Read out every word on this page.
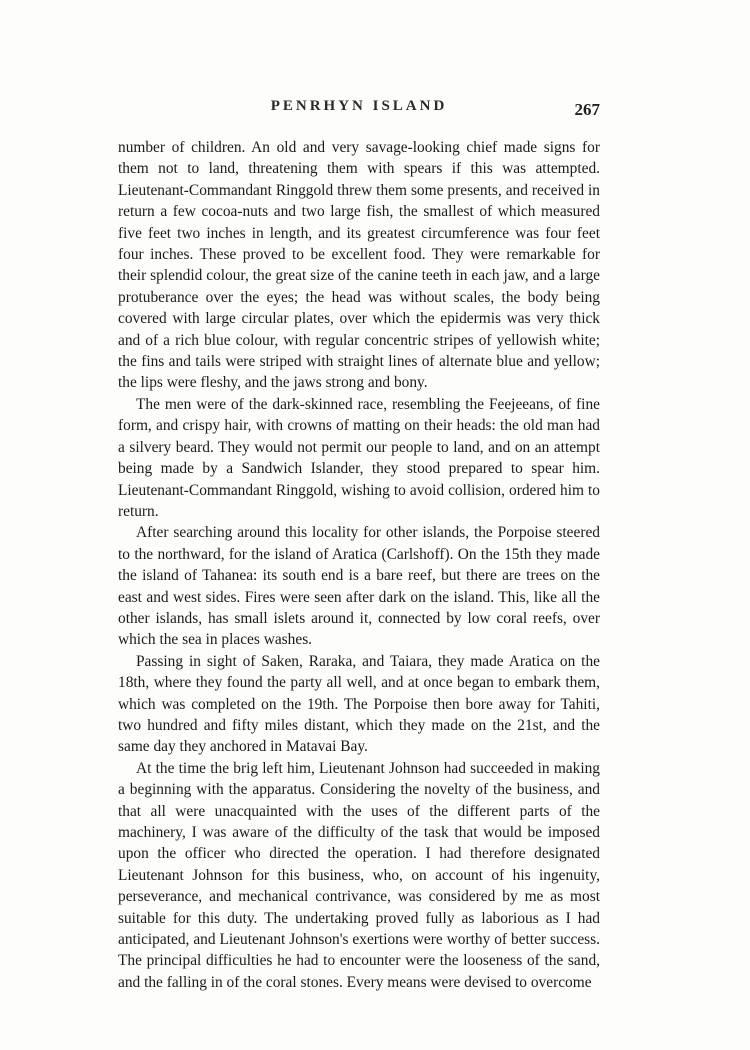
PENRHYN ISLAND	267

number of children. An old and very savage-looking chief made signs for them not to land, threatening them with spears if this was attempted. Lieutenant-Commandant Ringgold threw them some presents, and received in return a few cocoa-nuts and two large fish, the smallest of which measured five feet two inches in length, and its greatest circumference was four feet four inches. These proved to be excellent food. They were remarkable for their splendid colour, the great size of the canine teeth in each jaw, and a large protuberance over the eyes; the head was without scales, the body being covered with large circular plates, over which the epidermis was very thick and of a rich blue colour, with regular concentric stripes of yellowish white; the fins and tails were striped with straight lines of alternate blue and yellow; the lips were fleshy, and the jaws strong and bony.

The men were of the dark-skinned race, resembling the Feejeeans, of fine form, and crispy hair, with crowns of matting on their heads: the old man had a silvery beard. They would not permit our people to land, and on an attempt being made by a Sandwich Islander, they stood prepared to spear him. Lieutenant-Commandant Ringgold, wishing to avoid collision, ordered him to return.

After searching around this locality for other islands, the Porpoise steered to the northward, for the island of Aratica (Carlshoff). On the 15th they made the island of Tahanea: its south end is a bare reef, but there are trees on the east and west sides. Fires were seen after dark on the island. This, like all the other islands, has small islets around it, connected by low coral reefs, over which the sea in places washes.

Passing in sight of Saken, Raraka, and Taiara, they made Aratica on the 18th, where they found the party all well, and at once began to embark them, which was completed on the 19th. The Porpoise then bore away for Tahiti, two hundred and fifty miles distant, which they made on the 21st, and the same day they anchored in Matavai Bay.

At the time the brig left him, Lieutenant Johnson had succeeded in making a beginning with the apparatus. Considering the novelty of the business, and that all were unacquainted with the uses of the different parts of the machinery, I was aware of the difficulty of the task that would be imposed upon the officer who directed the operation. I had therefore designated Lieutenant Johnson for this business, who, on account of his ingenuity, perseverance, and mechanical contrivance, was considered by me as most suitable for this duty. The undertaking proved fully as laborious as I had anticipated, and Lieutenant Johnson's exertions were worthy of better success. The principal difficulties he had to encounter were the looseness of the sand, and the falling in of the coral stones. Every means were devised to overcome
